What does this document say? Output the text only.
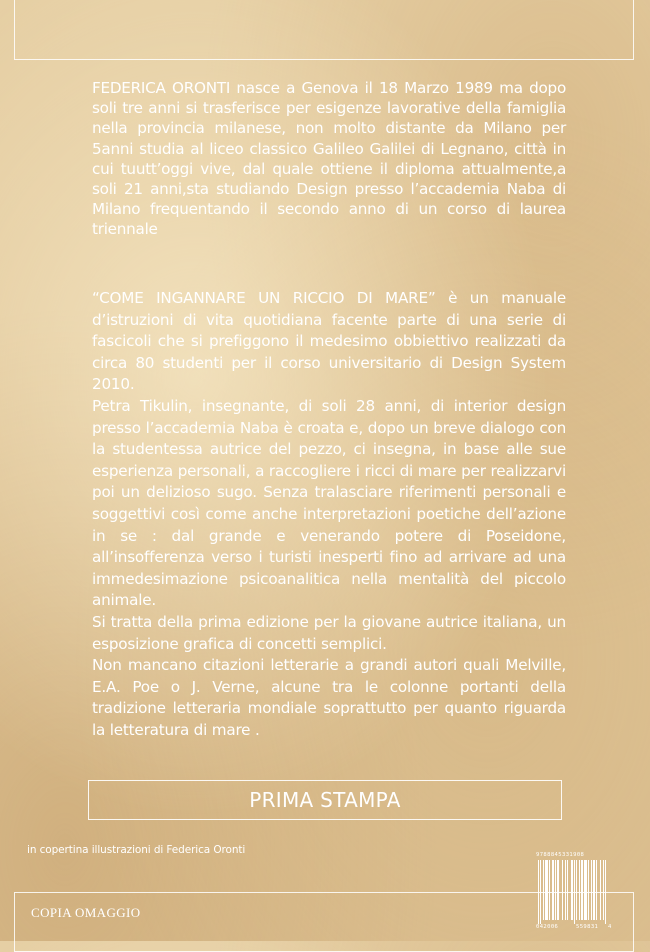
FEDERICA ORONTI nasce a Genova il 18 Marzo 1989 ma dopo soli tre anni si trasferisce per esigenze lavorative della famiglia nella provincia milanese, non molto distante da Milano per 5anni studia al liceo classico Galileo Galilei di Legnano, città in cui tuutt’oggi vive, dal quale ottiene il diploma attualmente,a soli 21 anni,sta studiando Design presso l’accademia Naba di Milano frequentando il secondo anno di un corso di laurea triennale

“COME INGANNARE UN RICCIO DI MARE” è un manuale d’istruzioni di vita quotidiana facente parte di una serie di fascicoli che si prefiggono il medesimo obbiettivo realizzati da circa 80 studenti per il corso universitario di Design System 2010.

Petra Tikulin, insegnante, di soli 28 anni, di interior design presso l’accademia Naba è croata e, dopo un breve dialogo con la studentessa autrice del pezzo, ci insegna, in base alle sue esperienza personali, a raccogliere i ricci di mare per realizzarvi poi un delizioso sugo. Senza tralasciare riferimenti personali e soggettivi così come anche interpretazioni poetiche dell’azione in se : dal grande e venerando potere di Poseidone, all’insofferenza verso i turisti inesperti fino ad arrivare ad una immedesimazione psicoanalitica nella mentalità del piccolo animale.

Si tratta della prima edizione per la giovane autrice italiana, un esposizione grafica di concetti semplici.

Non mancano citazioni letterarie a grandi autori quali Melville, E.A. Poe o J. Verne, alcune tra le colonne portanti della tradizione letteraria mondiale soprattutto per quanto riguarda la letteratura di mare .

PRIMA STAMPA
in copertina illustrazioni di Federica Oronti
COPIA OMAGGIO
9788845331908
042006	559831 4
